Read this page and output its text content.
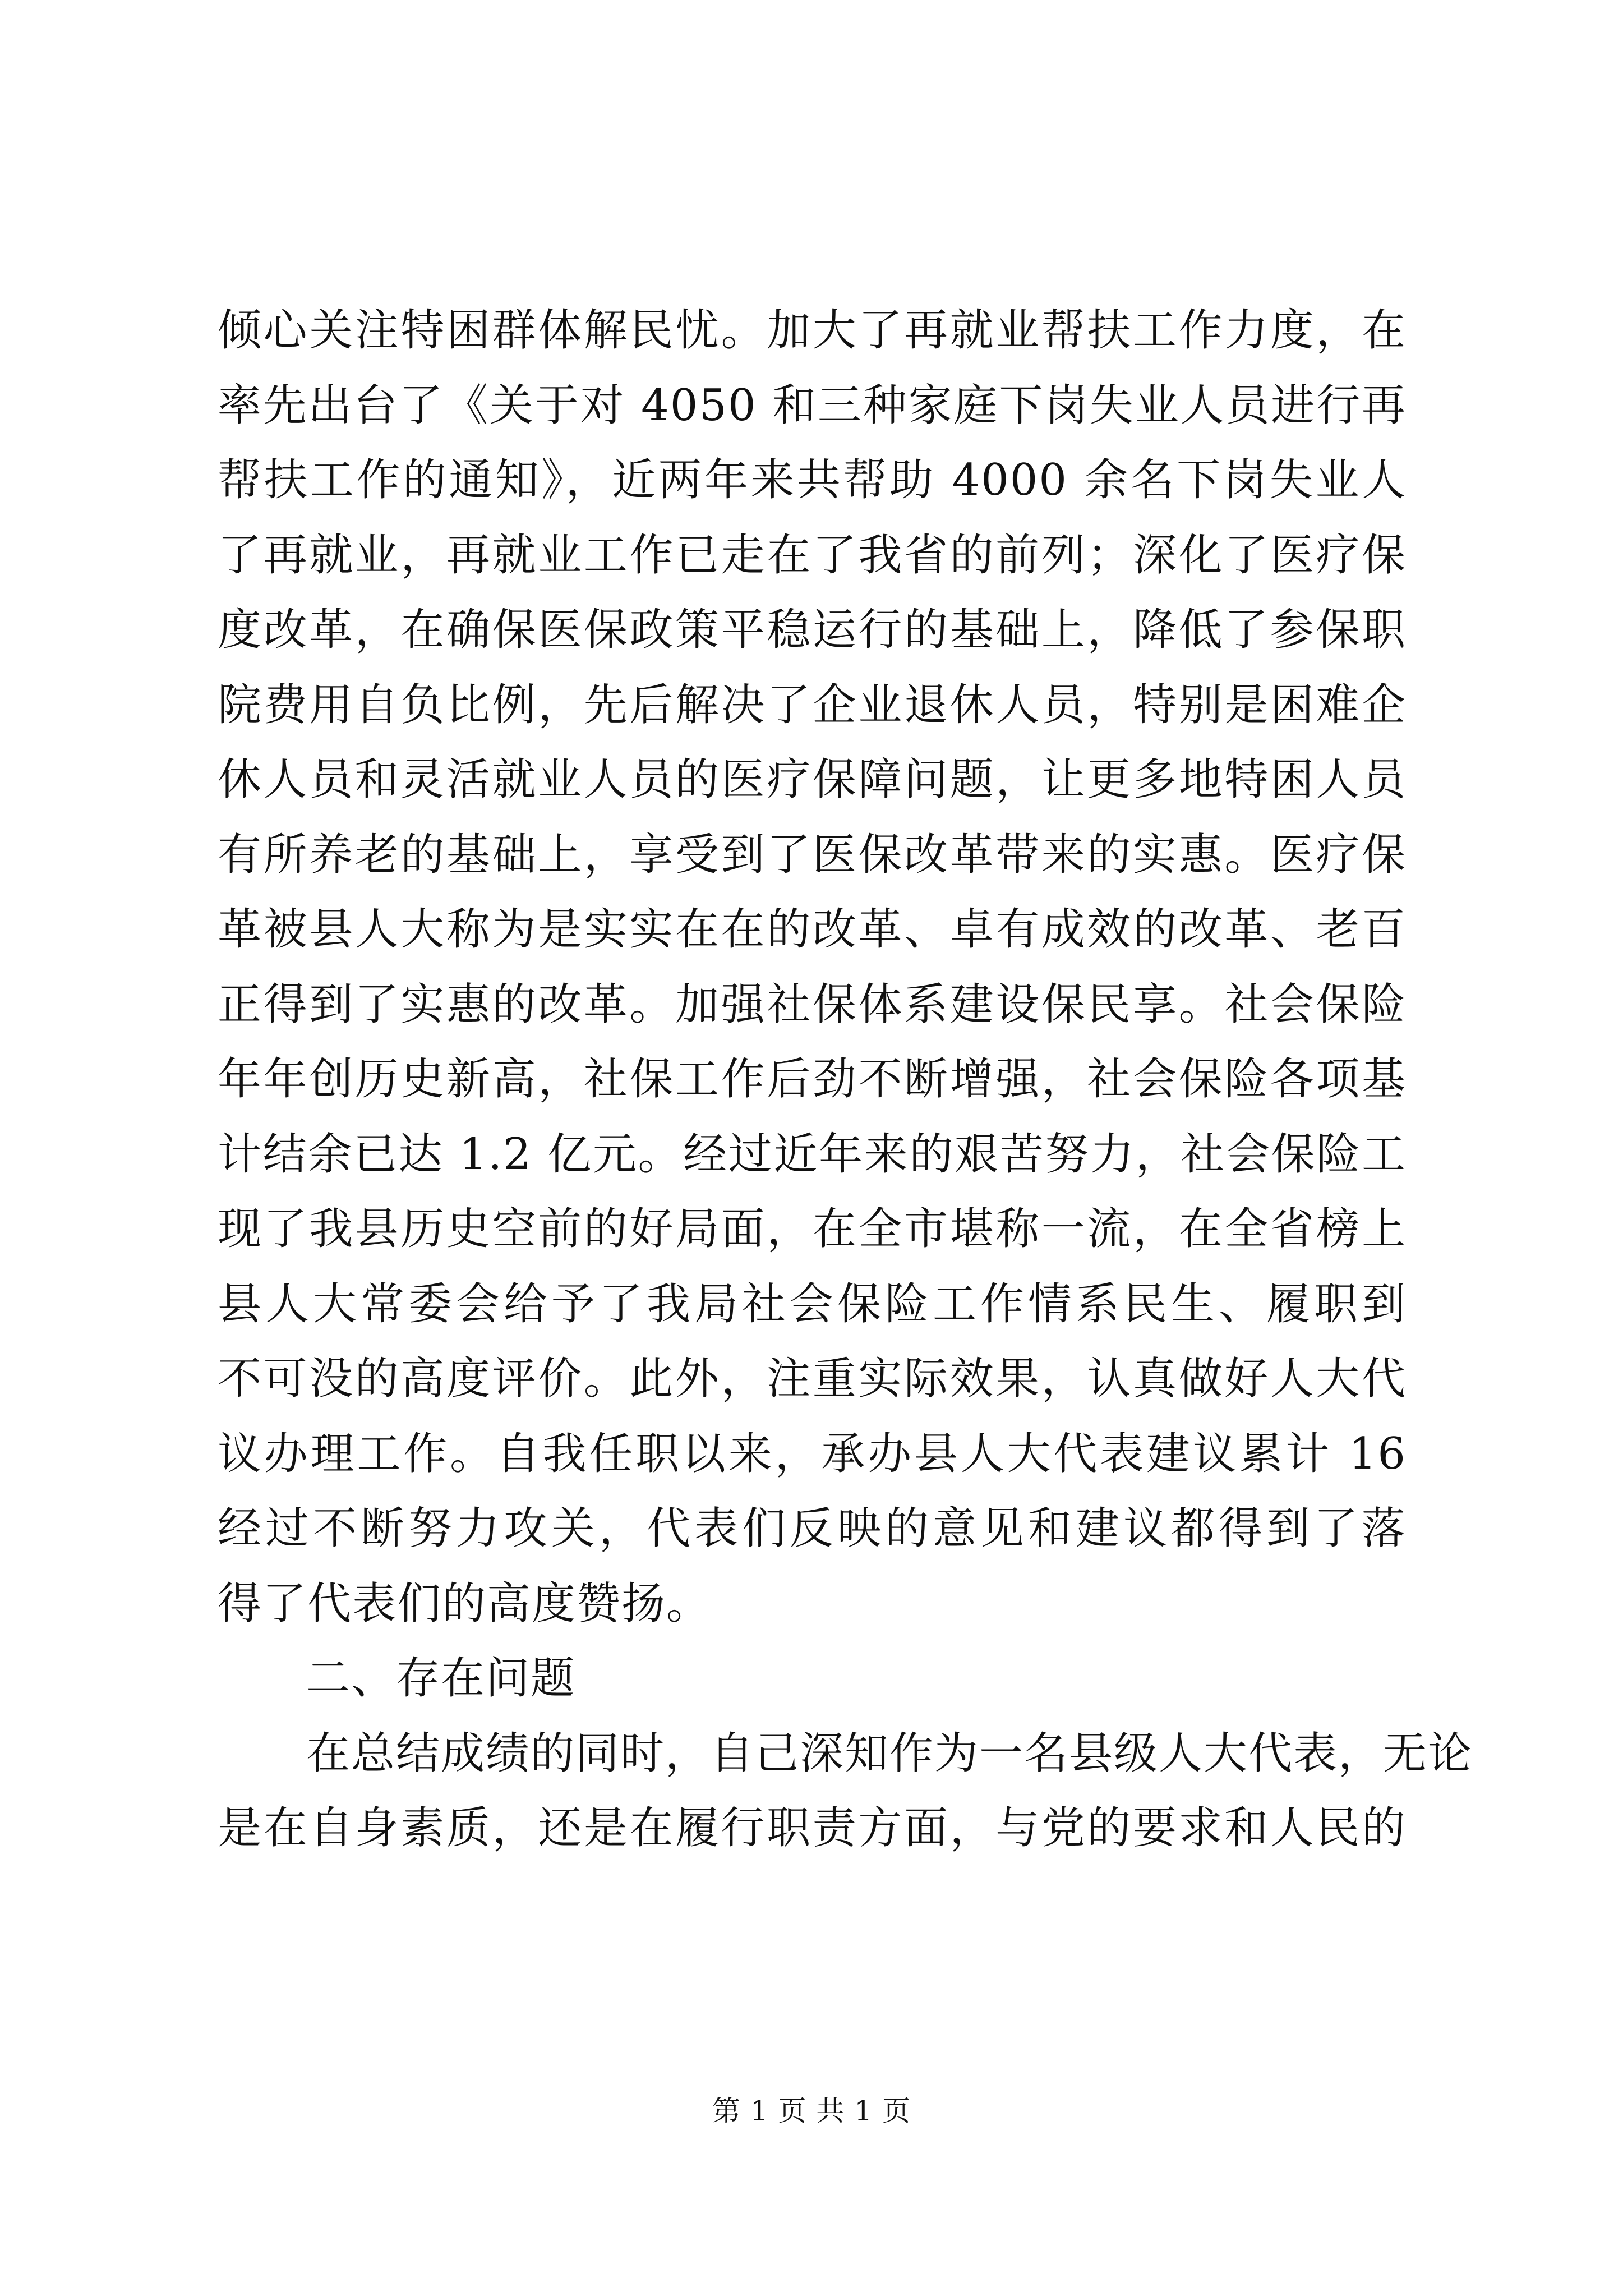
倾心关注特困群体解民忧。加大了再就业帮扶工作力度，在
率先出台了《关于对 4050 和三种家庭下岗失业人员进行再
帮扶工作的通知》，近两年来共帮助 4000 余名下岗失业人
了再就业，再就业工作已走在了我省的前列；深化了医疗保
度改革，在确保医保政策平稳运行的基础上，降低了参保职
院费用自负比例，先后解决了企业退休人员，特别是困难企
休人员和灵活就业人员的医疗保障问题，让更多地特困人员
有所养老的基础上，享受到了医保改革带来的实惠。医疗保
革被县人大称为是实实在在的改革、卓有成效的改革、老百
正得到了实惠的改革。加强社保体系建设保民享。社会保险
年年创历史新高，社保工作后劲不断增强，社会保险各项基
计结余已达 1.2 亿元。经过近年来的艰苦努力，社会保险工
现了我县历史空前的好局面，在全市堪称一流，在全省榜上
县人大常委会给予了我局社会保险工作情系民生、履职到
不可没的高度评价。此外，注重实际效果，认真做好人大代
议办理工作。自我任职以来，承办县人大代表建议累计 16
经过不断努力攻关，代表们反映的意见和建议都得到了落
得了代表们的高度赞扬。
二、存在问题
在总结成绩的同时，自己深知作为一名县级人大代表，无论
是在自身素质，还是在履行职责方面，与党的要求和人民的
第 1 页 共 1 页
